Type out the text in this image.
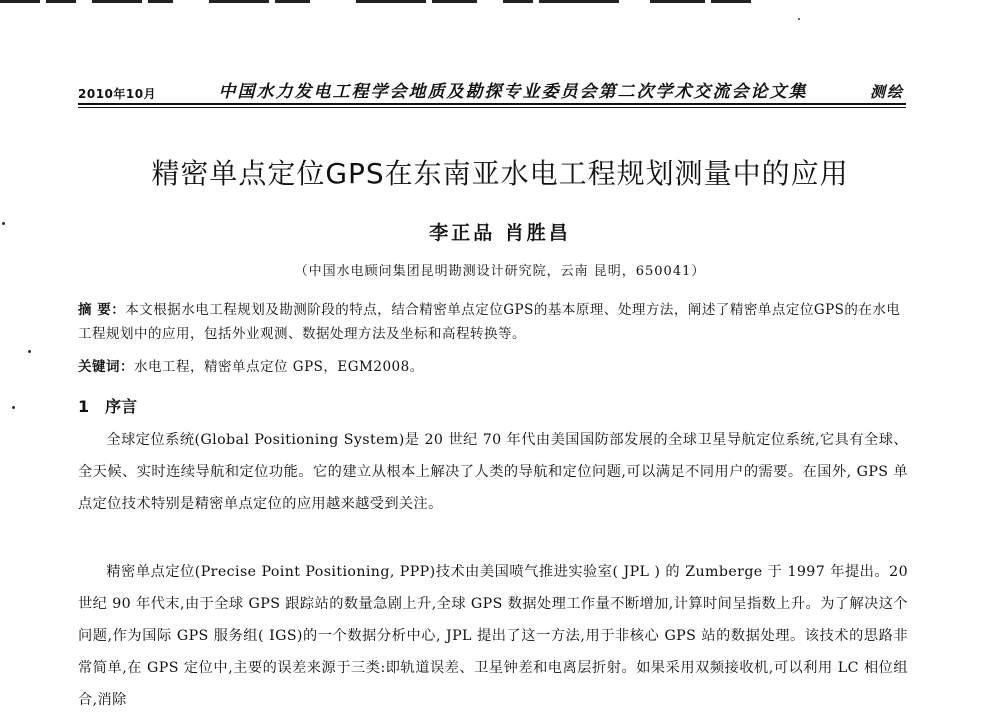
2010年10月	中国水力发电工程学会地质及勘探专业委员会第二次学术交流会论文集	测绘
精密单点定位GPS在东南亚水电工程规划测量中的应用
李正品 肖胜昌
（中国水电顾问集团昆明勘测设计研究院，云南 昆明，650041）
摘 要：本文根据水电工程规划及勘测阶段的特点，结合精密单点定位GPS的基本原理、处理方法，阐述了精密单点定位GPS的在水电工程规划中的应用，包括外业观测、数据处理方法及坐标和高程转换等。
关键词：水电工程，精密单点定位 GPS，EGM2008。
1 序言
全球定位系统(Global Positioning System)是 20 世纪 70 年代由美国国防部发展的全球卫星导航定位系统,它具有全球、全天候、实时连续导航和定位功能。它的建立从根本上解决了人类的导航和定位问题,可以满足不同用户的需要。在国外, GPS 单点定位技术特别是精密单点定位的应用越来越受到关注。
精密单点定位(Precise Point Positioning, PPP)技术由美国喷气推进实验室( JPL ) 的 Zumberge 于 1997 年提出。20 世纪 90 年代末,由于全球 GPS 跟踪站的数量急剧上升,全球 GPS 数据处理工作量不断增加,计算时间呈指数上升。为了解决这个问题,作为国际 GPS 服务组( IGS)的一个数据分析中心, JPL 提出了这一方法,用于非核心 GPS 站的数据处理。该技术的思路非常简单,在 GPS 定位中,主要的误差来源于三类:即轨道误差、卫星钟差和电离层折射。如果采用双频接收机,可以利用 LC 相位组合,消除
